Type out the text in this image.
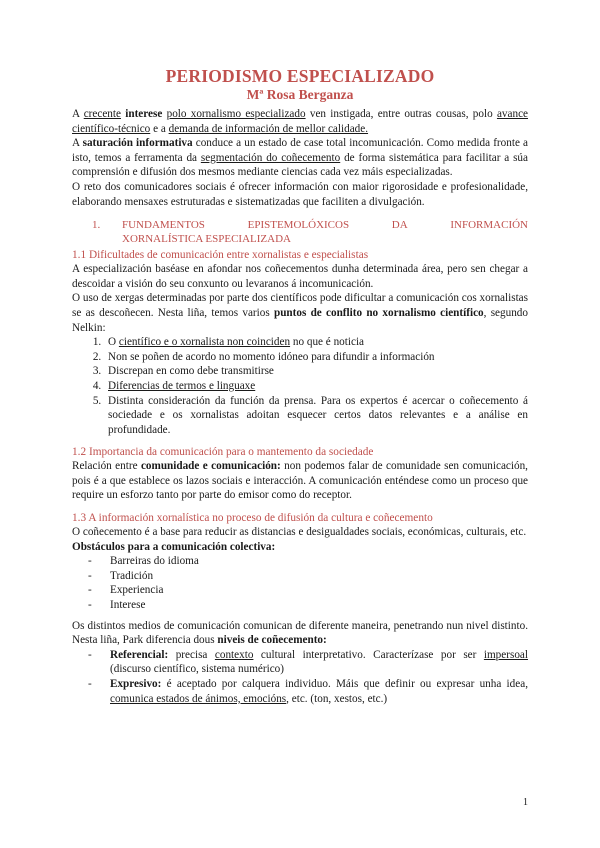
PERIODISMO ESPECIALIZADO
Mª Rosa Berganza

A crecente interese polo xornalismo especializado ven instigada, entre outras cousas, polo avance científico-técnico e a demanda de información de mellor calidade.

A saturación informativa conduce a un estado de case total incomunicación. Como medida fronte a isto, temos a ferramenta da segmentación do coñecemento de forma sistemática para facilitar a súa comprensión e difusión dos mesmos mediante ciencias cada vez máis especializadas.

O reto dos comunicadores sociais é ofrecer información con maior rigorosidade e profesionalidade, elaborando mensaxes estruturadas e sistematizadas que faciliten a divulgación.

1.	FUNDAMENTOS	EPISTEMOLÓXICOS	DA	INFORMACIÓN
XORNALÍSTICA ESPECIALIZADA
1.1 Dificultades de comunicación entre xornalistas e especialistas

A especialización baséase en afondar nos coñecementos dunha determinada área, pero sen chegar a descoidar a visión do seu conxunto ou levaranos á incomunicación.

O uso de xergas determinadas por parte dos científicos pode dificultar a comunicación cos xornalistas se as descoñecen. Nesta liña, temos varios puntos de conflito no xornalismo científico, segundo Nelkin:

1. O científico e o xornalista non coinciden no que é noticia
2. Non se poñen de acordo no momento idóneo para difundir a información
3. Discrepan en como debe transmitirse
4. Diferencias de termos e linguaxe
5. Distinta consideración da función da prensa. Para os expertos é acercar o coñecemento á sociedade e os xornalistas adoitan esquecer certos datos relevantes e a análise en profundidade.
1.2 Importancia da comunicación para o mantemento da sociedade

Relación entre comunidade e comunicación: non podemos falar de comunidade sen comunicación, pois é a que establece os lazos sociais e interacción. A comunicación enténdese como un proceso que require un esforzo tanto por parte do emisor como do receptor.

1.3 A información xornalística no proceso de difusión da cultura e coñecemento

O coñecemento é a base para reducir as distancias e desigualdades sociais, económicas, culturais, etc.

Obstáculos para a comunicación colectiva:
- Barreiras do idioma
- Tradición
- Experiencia
- Interese

Os distintos medios de comunicación comunican de diferente maneira, penetrando nun nivel distinto. Nesta liña, Park diferencia dous niveis de coñecemento:

- Referencial: precisa contexto cultural interpretativo. Caracterízase por ser impersoal (discurso científico, sistema numérico)
- Expresivo: é aceptado por calquera individuo. Máis que definir ou expresar unha idea, comunica estados de ánimos, emocións, etc. (ton, xestos, etc.)
1
